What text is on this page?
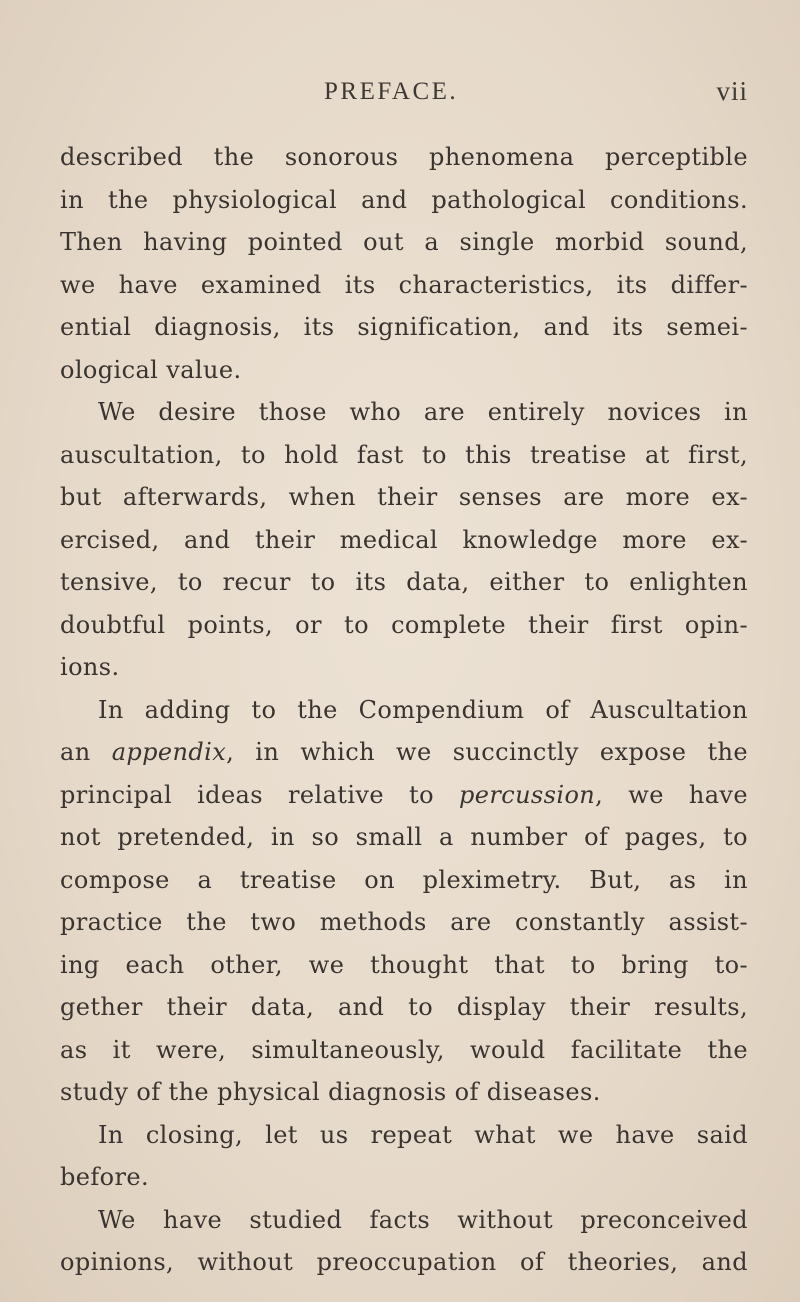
PREFACE.	vii
described the sonorous phenomena perceptible
in the physiological and pathological conditions.
Then having pointed out a single morbid sound,
we have examined its characteristics, its differ-
ential diagnosis, its signification, and its semei-
ological value.
We desire those who are entirely novices in
auscultation, to hold fast to this treatise at first,
but afterwards, when their senses are more ex-
ercised, and their medical knowledge more ex-
tensive, to recur to its data, either to enlighten
doubtful points, or to complete their first opin-
ions.
In adding to the Compendium of Auscultation
an appendix, in which we succinctly expose the
principal ideas relative to percussion, we have
not pretended, in so small a number of pages, to
compose a treatise on pleximetry. But, as in
practice the two methods are constantly assist-
ing each other, we thought that to bring to-
gether their data, and to display their results,
as it were, simultaneously, would facilitate the
study of the physical diagnosis of diseases.
In closing, let us repeat what we have said
before.
We have studied facts without preconceived
opinions, without preoccupation of theories, and
